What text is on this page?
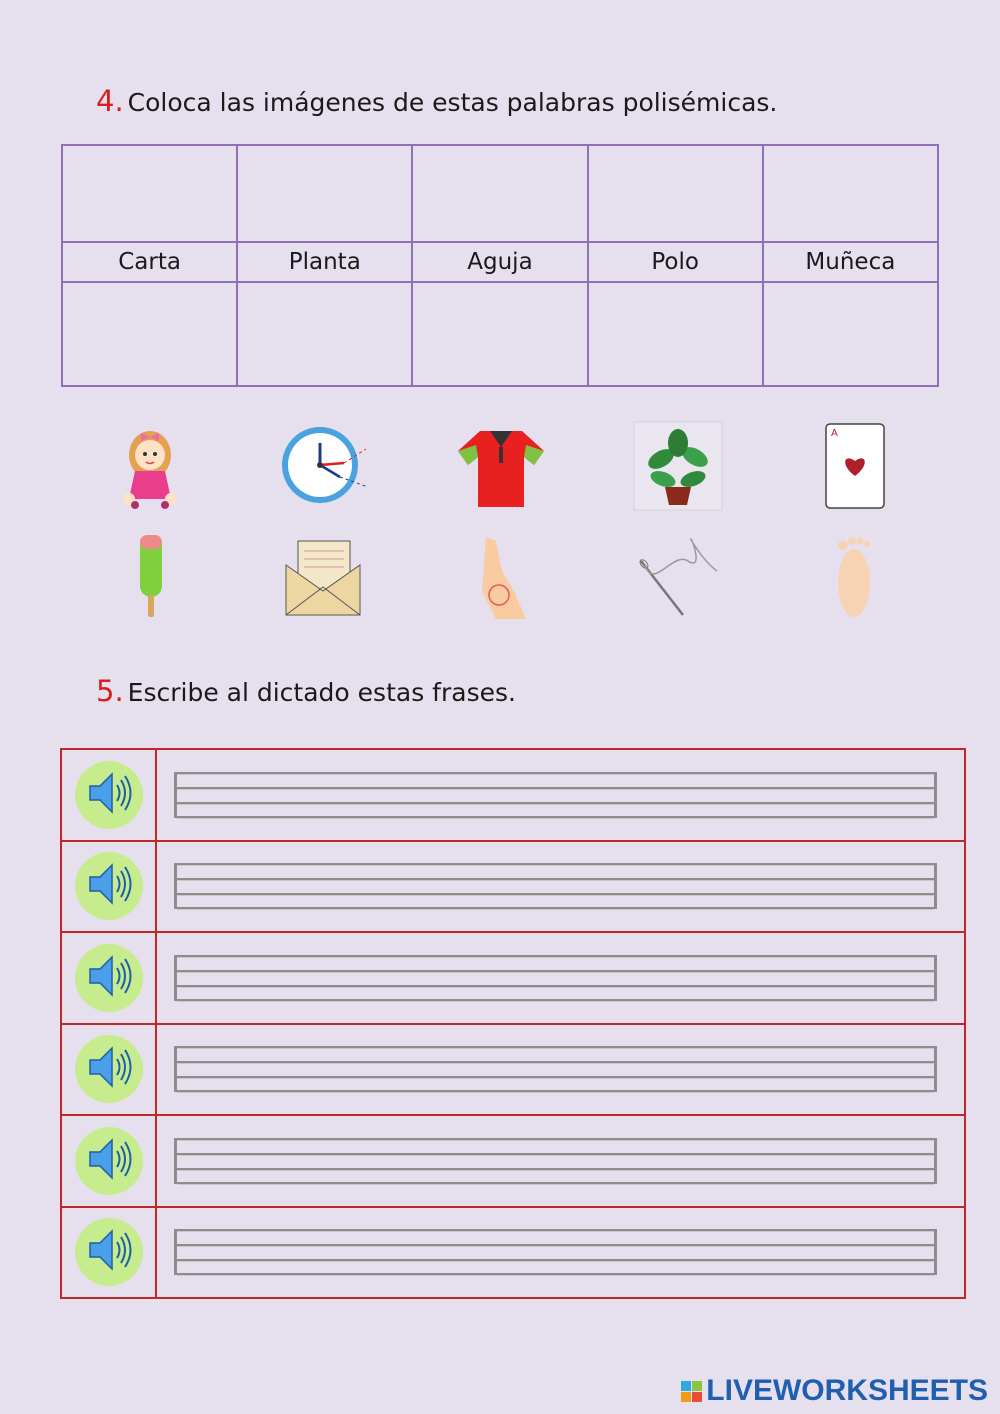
4. Coloca las imágenes de estas palabras polisémicas.

Carta	Planta	Aguja	Polo	Muñeca

A
5. Escribe al dictado estas frases.

LIVEWORKSHEETS
